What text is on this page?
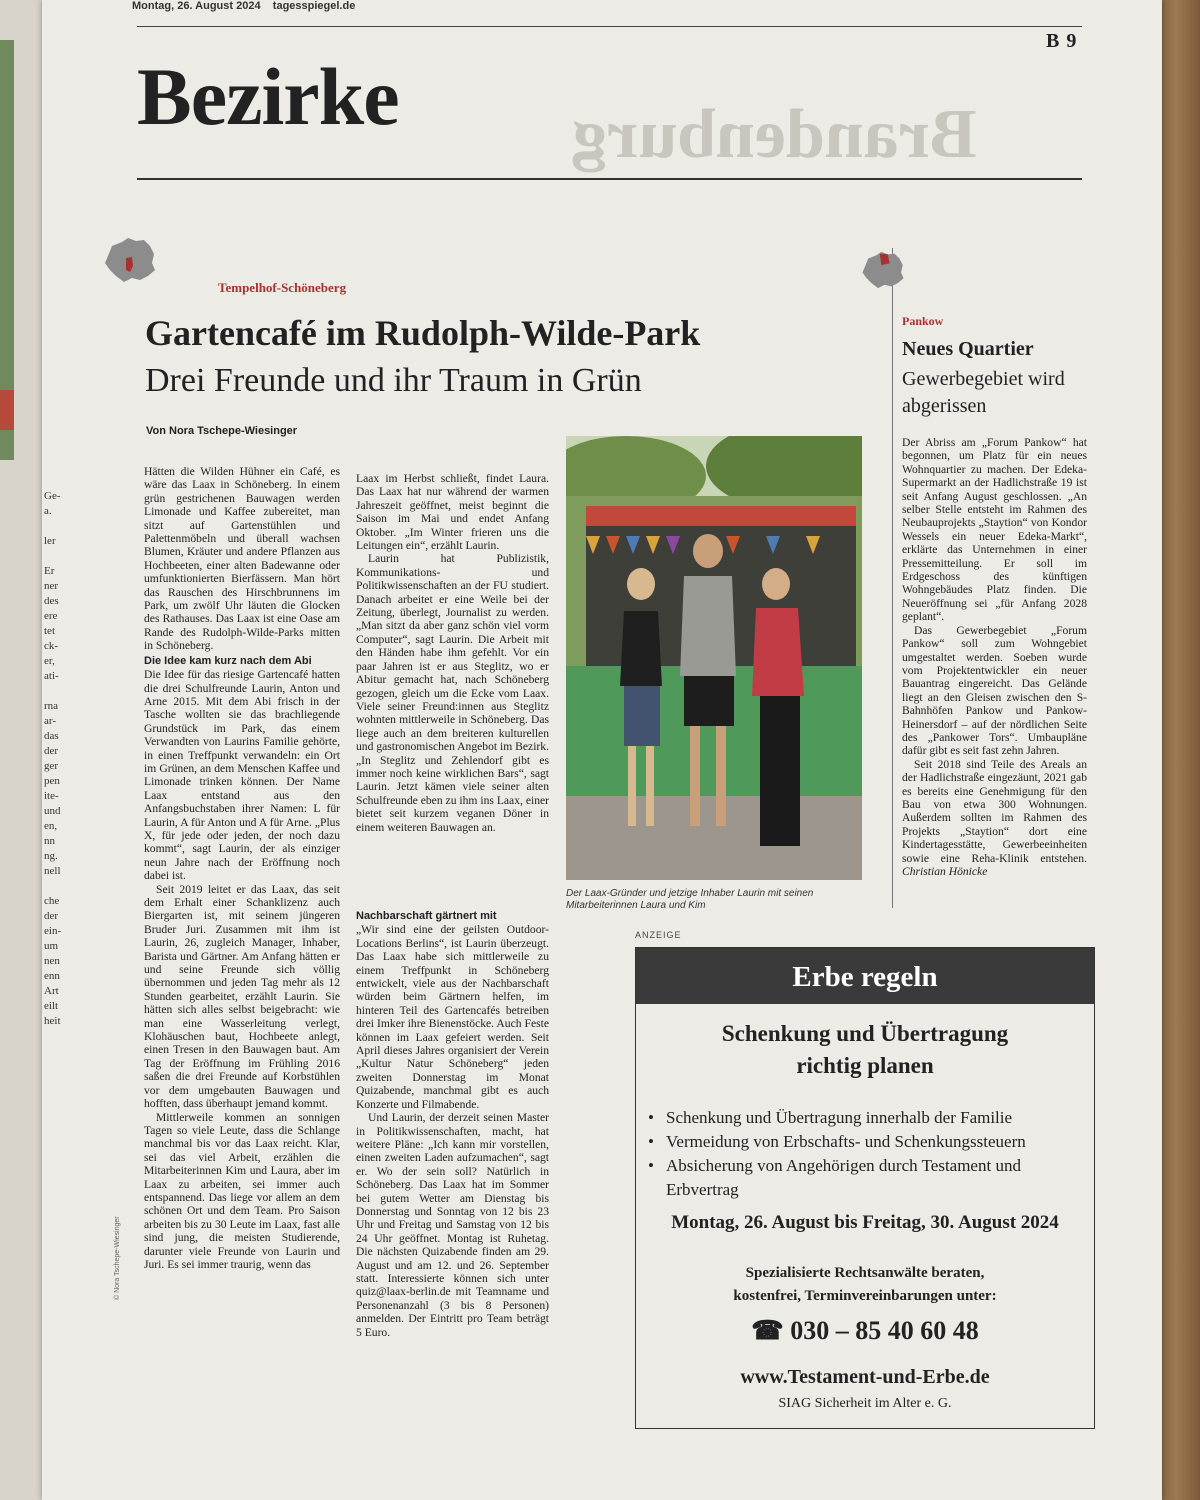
Ge-
a.
ler
Er
ner
des
ere
tet
ck-
er,
ati-
rna
ar-
das
der
ger
pen
ite-
und
en,
nn
ng.
nell
che
der
ein-
um
nen
enn
Art
eilt
heit
Montag, 26. August 2024 tagesspiegel.de
B 9
Brandenburg
Bezirke
Tempelhof-Schöneberg
Gartencafé im Rudolph-Wilde-Park
Drei Freunde und ihr Traum in Grün
Von Nora Tschepe-Wiesinger

Hätten die Wilden Hühner ein Café, es wäre das Laax in Schöneberg. In einem grün gestrichenen Bauwagen werden Limonade und Kaffee zubereitet, man sitzt auf Gartenstühlen und Palettenmöbeln und überall wachsen Blumen, Kräuter und andere Pflanzen aus Hochbeeten, einer alten Badewanne oder umfunktionierten Bierfässern. Man hört das Rauschen des Hirschbrunnens im Park, um zwölf Uhr läuten die Glocken des Rathauses. Das Laax ist eine Oase am Rande des Rudolph-Wilde-Parks mitten in Schöneberg.

Die Idee kam kurz nach dem Abi

Die Idee für das riesige Gartencafé hatten die drei Schulfreunde Laurin, Anton und Arne 2015. Mit dem Abi frisch in der Tasche wollten sie das brachliegende Grundstück im Park, das einem Verwandten von Laurins Familie gehörte, in einen Treffpunkt verwandeln: ein Ort im Grünen, an dem Menschen Kaffee und Limonade trinken können. Der Name Laax entstand aus den Anfangsbuchstaben ihrer Namen: L für Laurin, A für Anton und A für Arne. „Plus X, für jede oder jeden, der noch dazu kommt“, sagt Laurin, der als einziger neun Jahre nach der Eröffnung noch dabei ist.

Seit 2019 leitet er das Laax, das seit dem Erhalt einer Schanklizenz auch Biergarten ist, mit seinem jüngeren Bruder Juri. Zusammen mit ihm ist Laurin, 26, zugleich Manager, Inhaber, Barista und Gärtner. Am Anfang hätten er und seine Freunde sich völlig übernommen und jeden Tag mehr als 12 Stunden gearbeitet, erzählt Laurin. Sie hätten sich alles selbst beigebracht: wie man eine Wasserleitung verlegt, Klohäuschen baut, Hochbeete anlegt, einen Tresen in den Bauwagen baut. Am Tag der Eröffnung im Frühling 2016 saßen die drei Freunde auf Korbstühlen vor dem umgebauten Bauwagen und hofften, dass überhaupt jemand kommt.

Mittlerweile kommen an sonnigen Tagen so viele Leute, dass die Schlange manchmal bis vor das Laax reicht. Klar, sei das viel Arbeit, erzählen die Mitarbeiterinnen Kim und Laura, aber im Laax zu arbeiten, sei immer auch entspannend. Das liege vor allem an dem schönen Ort und dem Team. Pro Saison arbeiten bis zu 30 Leute im Laax, fast alle sind jung, die meisten Studierende, darunter viele Freunde von Laurin und Juri. Es sei immer traurig, wenn das

Laax im Herbst schließt, findet Laura. Das Laax hat nur während der warmen Jahreszeit geöffnet, meist beginnt die Saison im Mai und endet Anfang Oktober. „Im Winter frieren uns die Leitungen ein“, erzählt Laurin.

Laurin hat Publizistik, Kommunikations- und Politikwissenschaften an der FU studiert. Danach arbeitet er eine Weile bei der Zeitung, überlegt, Journalist zu werden. „Man sitzt da aber ganz schön viel vorm Computer“, sagt Laurin. Die Arbeit mit den Händen habe ihm gefehlt. Vor ein paar Jahren ist er aus Steglitz, wo er Abitur gemacht hat, nach Schöneberg gezogen, gleich um die Ecke vom Laax. Viele seiner Freund:innen aus Steglitz wohnten mittlerweile in Schöneberg. Das liege auch an dem breiteren kulturellen und gastronomischen Angebot im Bezirk. „In Steglitz und Zehlendorf gibt es immer noch keine wirklichen Bars“, sagt Laurin. Jetzt kämen viele seiner alten Schulfreunde eben zu ihm ins Laax, einer bietet seit kurzem veganen Döner in einem weiteren Bauwagen an.

Nachbarschaft gärtnert mit

„Wir sind eine der geilsten Outdoor-Locations Berlins“, ist Laurin überzeugt. Das Laax habe sich mittlerweile zu einem Treffpunkt in Schöneberg entwickelt, viele aus der Nachbarschaft würden beim Gärtnern helfen, im hinteren Teil des Gartencafés betreiben drei Imker ihre Bienenstöcke. Auch Feste können im Laax gefeiert werden. Seit April dieses Jahres organisiert der Verein „Kultur Natur Schöneberg“ jeden zweiten Donnerstag im Monat Quizabende, manchmal gibt es auch Konzerte und Filmabende.

Und Laurin, der derzeit seinen Master in Politikwissenschaften, macht, hat weitere Pläne: „Ich kann mir vorstellen, einen zweiten Laden aufzumachen“, sagt er. Wo der sein soll? Natürlich in Schöneberg. Das Laax hat im Sommer bei gutem Wetter am Dienstag bis Donnerstag und Sonntag von 12 bis 23 Uhr und Freitag und Samstag von 12 bis 24 Uhr geöffnet. Montag ist Ruhetag. Die nächsten Quizabende finden am 29. August und am 12. und 26. September statt. Interessierte können sich unter quiz@laax-berlin.de mit Teamname und Personenanzahl (3 bis 8 Personen) anmelden. Der Eintritt pro Team beträgt 5 Euro.

Der Laax-Gründer und jetzige Inhaber Laurin mit seinen Mitarbeiterinnen Laura und Kim
© Nora Tschepe-Wiesinger
Pankow
Neues Quartier
Gewerbegebiet wird abgerissen

Der Abriss am „Forum Pankow“ hat begonnen, um Platz für ein neues Wohnquartier zu machen. Der Edeka-Supermarkt an der Hadlichstraße 19 ist seit Anfang August geschlossen. „An selber Stelle entsteht im Rahmen des Neubauprojekts „Staytion“ von Kondor Wessels ein neuer Edeka-Markt“, erklärte das Unternehmen in einer Pressemitteilung. Er soll im Erdgeschoss des künftigen Wohngebäudes Platz finden. Die Neueröffnung sei „für Anfang 2028 geplant“.

Das Gewerbegebiet „Forum Pankow“ soll zum Wohngebiet umgestaltet werden. Soeben wurde vom Projektentwickler ein neuer Bauantrag eingereicht. Das Gelände liegt an den Gleisen zwischen den S-Bahnhöfen Pankow und Pankow-Heinersdorf – auf der nördlichen Seite des „Pankower Tors“. Umbaupläne dafür gibt es seit fast zehn Jahren.

Seit 2018 sind Teile des Areals an der Hadlichstraße eingezäunt, 2021 gab es bereits eine Genehmigung für den Bau von etwa 300 Wohnungen. Außerdem sollten im Rahmen des Projekts „Staytion“ dort eine Kindertagesstätte, Gewerbeeinheiten sowie eine Reha-Klinik entstehen. Christian Hönicke

ANZEIGE
Erbe regeln
Schenkung und Übertragung
richtig planen
• Schenkung und Übertragung innerhalb der Familie
• Vermeidung von Erbschafts- und Schenkungssteuern
• Absicherung von Angehörigen durch Testament und Erbvertrag
Montag, 26. August bis Freitag, 30. August 2024
Spezialisierte Rechtsanwälte beraten,
kostenfrei, Terminvereinbarungen unter:
☎ 030 – 85 40 60 48
www.Testament-und-Erbe.de
SIAG Sicherheit im Alter e. G.
